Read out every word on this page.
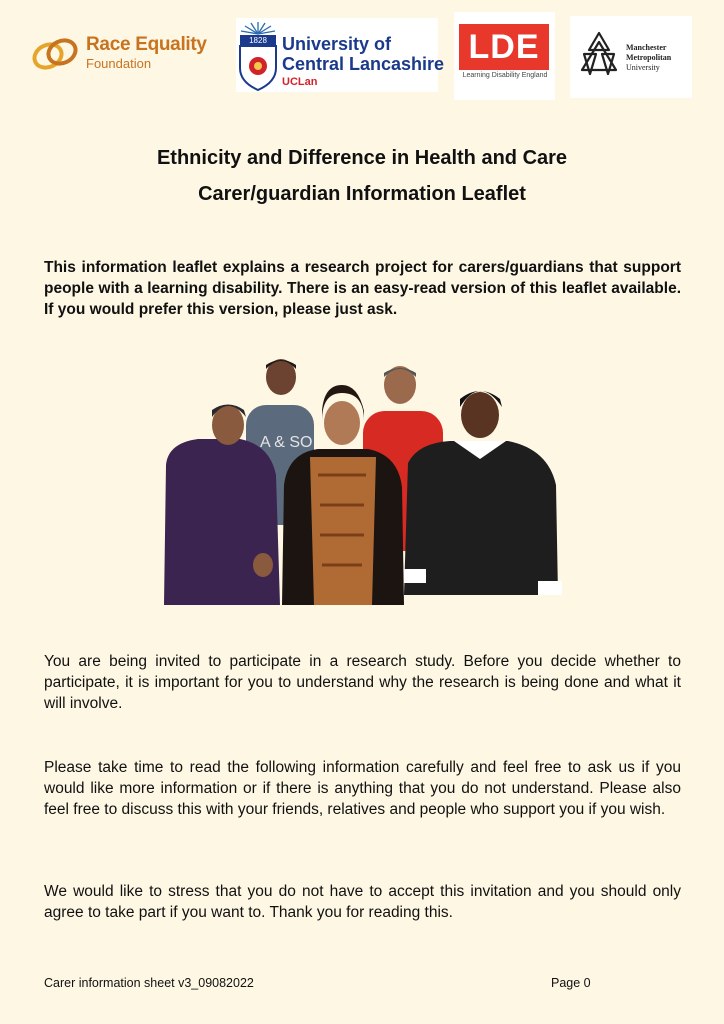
Race Equality
Foundation
1828 University of
Central Lancashire
UCLan
LDE
Learning Disability England
Manchester
Metropolitan
University
Ethnicity and Difference in Health and Care
Carer/guardian Information Leaflet
This information leaflet explains a research project for carers/guardians that support people with a learning disability. There is an easy-read version of this leaflet available. If you would prefer this version, please just ask.
A & SO
You are being invited to participate in a research study. Before you decide whether to participate, it is important for you to understand why the research is being done and what it will involve.
Please take time to read the following information carefully and feel free to ask us if you would like more information or if there is anything that you do not understand. Please also feel free to discuss this with your friends, relatives and people who support you if you wish.
We would like to stress that you do not have to accept this invitation and you should only agree to take part if you want to. Thank you for reading this.
Carer information sheet v3_09082022	Page 0
